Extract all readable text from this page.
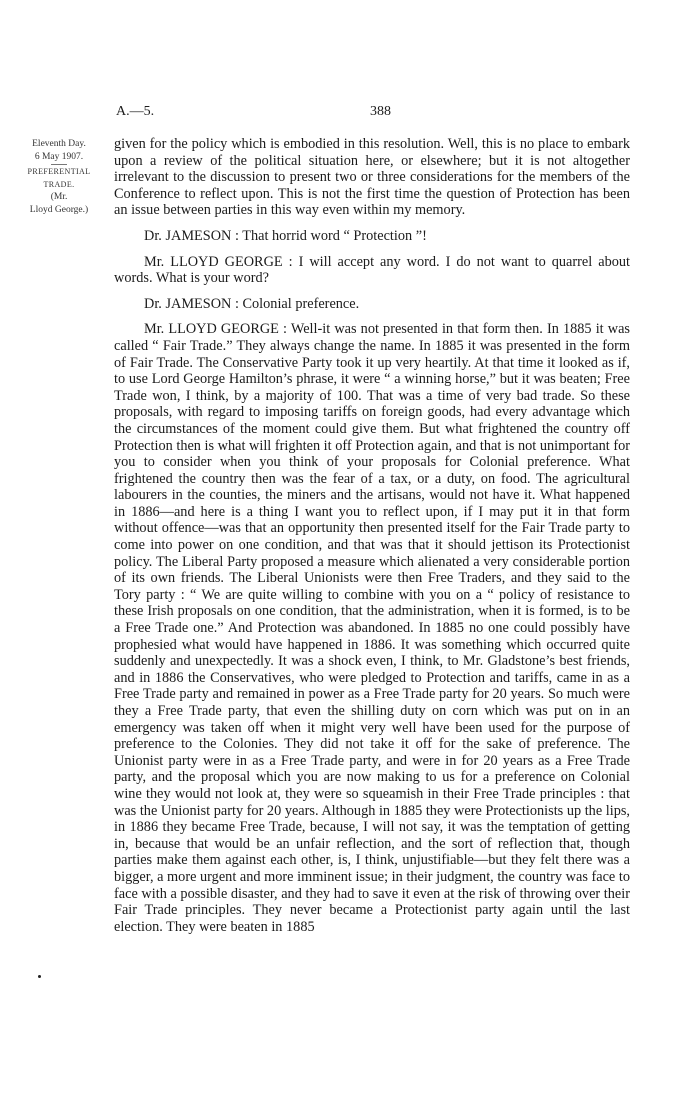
A.—5.	388
Eleventh Day.
6 May 1907.
PREFERENTIAL
TRADE.
(Mr.
Lloyd George.)

given for the policy which is embodied in this resolution. Well, this is no place to embark upon a review of the political situation here, or elsewhere; but it is not altogether irrelevant to the discussion to present two or three considerations for the members of the Conference to reflect upon. This is not the first time the question of Protection has been an issue between parties in this way even within my memory.

Dr. JAMESON : That horrid word “ Protection ”!

Mr. LLOYD GEORGE : I will accept any word. I do not want to quarrel about words. What is your word?

Dr. JAMESON : Colonial preference.

Mr. LLOYD GEORGE : Well-it was not presented in that form then. In 1885 it was called “ Fair Trade.” They always change the name. In 1885 it was presented in the form of Fair Trade. The Conservative Party took it up very heartily. At that time it looked as if, to use Lord George Hamilton’s phrase, it were “ a winning horse,” but it was beaten; Free Trade won, I think, by a majority of 100. That was a time of very bad trade. So these proposals, with regard to imposing tariffs on foreign goods, had every advantage which the circumstances of the moment could give them. But what frightened the country off Protection then is what will frighten it off Protection again, and that is not unimportant for you to consider when you think of your proposals for Colonial preference. What frightened the country then was the fear of a tax, or a duty, on food. The agricultural labourers in the counties, the miners and the artisans, would not have it. What happened in 1886—and here is a thing I want you to reflect upon, if I may put it in that form without offence—was that an opportunity then presented itself for the Fair Trade party to come into power on one condition, and that was that it should jettison its Protectionist policy. The Liberal Party proposed a measure which alienated a very considerable portion of its own friends. The Liberal Unionists were then Free Traders, and they said to the Tory party : “ We are quite willing to combine with you on a “ policy of resistance to these Irish proposals on one condition, that the administration, when it is formed, is to be a Free Trade one.” And Protection was abandoned. In 1885 no one could possibly have prophesied what would have happened in 1886. It was something which occurred quite suddenly and unexpectedly. It was a shock even, I think, to Mr. Gladstone’s best friends, and in 1886 the Conservatives, who were pledged to Protection and tariffs, came in as a Free Trade party and remained in power as a Free Trade party for 20 years. So much were they a Free Trade party, that even the shilling duty on corn which was put on in an emergency was taken off when it might very well have been used for the purpose of preference to the Colonies. They did not take it off for the sake of preference. The Unionist party were in as a Free Trade party, and were in for 20 years as a Free Trade party, and the proposal which you are now making to us for a preference on Colonial wine they would not look at, they were so squeamish in their Free Trade principles : that was the Unionist party for 20 years. Although in 1885 they were Protectionists up the lips, in 1886 they became Free Trade, because, I will not say, it was the temptation of getting in, because that would be an unfair reflection, and the sort of reflection that, though parties make them against each other, is, I think, unjustifiable—but they felt there was a bigger, a more urgent and more imminent issue; in their judgment, the country was face to face with a possible disaster, and they had to save it even at the risk of throwing over their Fair Trade principles. They never became a Protectionist party again until the last election. They were beaten in 1885
